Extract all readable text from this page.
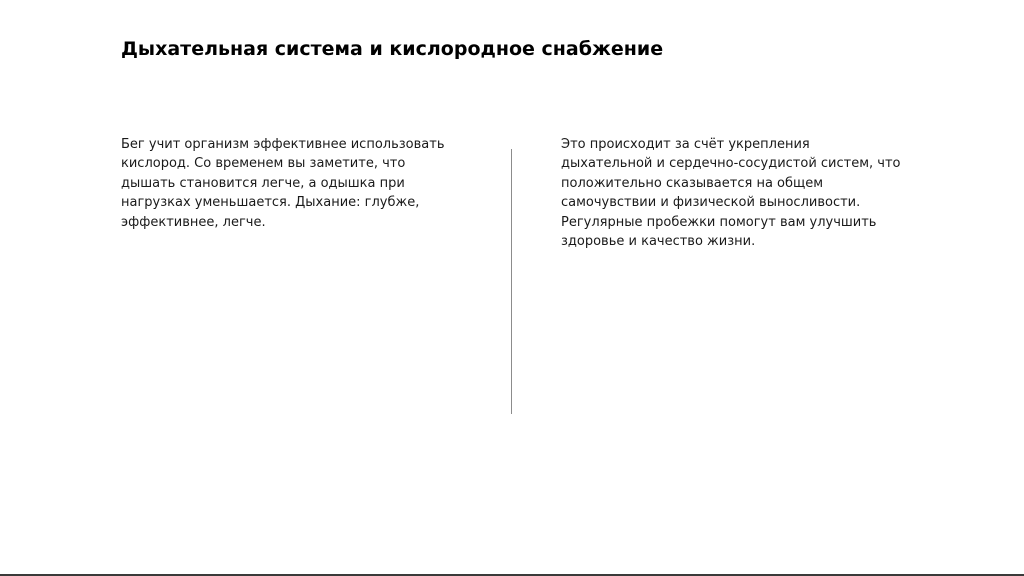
Дыхательная система и кислородное снабжение

Бег учит организм эффективнее использовать кислород. Со временем вы заметите, что дышать становится легче, а одышка при нагрузках уменьшается. Дыхание: глубже, эффективнее, легче.

Это происходит за счёт укрепления дыхательной и сердечно-сосудистой систем, что положительно сказывается на общем самочувствии и физической выносливости. Регулярные пробежки помогут вам улучшить здоровье и качество жизни.
